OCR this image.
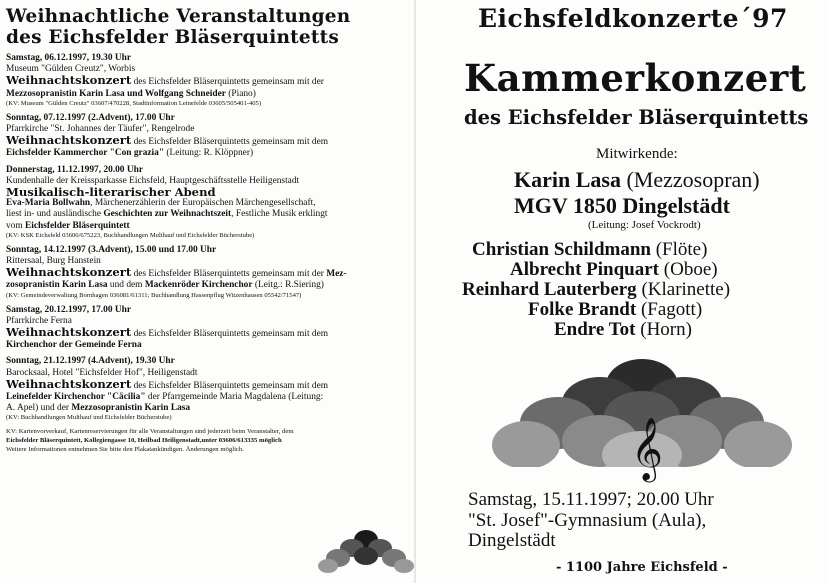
Weihnachtliche Veranstaltungen
des Eichsfelder Bläserquintetts
Samstag, 06.12.1997, 19.30 Uhr
Museum "Gülden Creutz", Worbis
Weihnachtskonzert des Eichsfelder Bläserquintetts gemeinsam mit der
Mezzosopranistin Karin Lasa und Wolfgang Schneider (Piano)
(KV: Museum "Gülden Creutz" 03607/470228, Stadtinformation Leinefelde 03605/505401-405)
Sonntag, 07.12.1997 (2.Advent), 17.00 Uhr
Pfarrkirche "St. Johannes der Täufer", Rengelrode
Weihnachtskonzert des Eichsfelder Bläserquintetts gemeinsam mit dem
Eichsfelder Kammerchor "Con grazia" (Leitung: R. Klöppner)
Donnerstag, 11.12.1997, 20.00 Uhr
Kundenhalle der Kreissparkasse Eichsfeld, Hauptgeschäftsstelle Heiligenstadt
Musikalisch-literarischer Abend
Eva-Maria Bollwahn, Märchenerzählerin der Europäischen Märchengesellschaft,
liest in- und ausländische Geschichten zur Weihnachtszeit, Festliche Musik erklingt
vom Eichsfelder Bläserquintett
(KV: KSK Eichsfeld 03606/675223, Buchhandlungen Multhauf und Eichsfelder Bücherstube)
Sonntag, 14.12.1997 (3.Advent), 15.00 und 17.00 Uhr
Rittersaal, Burg Hanstein
Weihnachtskonzert des Eichsfelder Bläserquintetts gemeinsam mit der Mez-
zosopranistin Karin Lasa und dem Mackenröder Kirchenchor (Leitg.: R.Siering)
(KV: Gemeindeverwaltung Bornhagen 036081/61311; Buchhandlung Hassenpflug Witzenhausen 05542/71547)
Samstag, 20.12.1997, 17.00 Uhr
Pfarrkirche Ferna
Weihnachtskonzert des Eichsfelder Bläserquintetts gemeinsam mit dem
Kirchenchor der Gemeinde Ferna
Sonntag, 21.12.1997 (4.Advent), 19.30 Uhr
Barocksaal, Hotel "Eichsfelder Hof", Heiligenstadt
Weihnachtskonzert des Eichsfelder Bläserquintetts gemeinsam mit dem
Leinefelder Kirchenchor "Cäcilia" der Pfarrgemeinde Maria Magdalena (Leitung:
A. Apel) und der Mezzosopranistin Karin Lasa
(KV: Buchhandlungen Multhauf und Eichsfelder Bücherstube)
KV: Kartenvorverkauf, Kartenreservierungen für alle Veranstaltungen sind jederzeit beim Veranstalter, dem
Eichsfelder Bläserquintett, Kollegiengasse 10, Heilbad Heiligenstadt,unter 03606/613335 möglich
Weitere Informationen entnehmen Sie bitte den Plakatankündigen. Änderungen möglich.
Eichsfeldkonzerte´97
Kammerkonzert
des Eichsfelder Bläserquintetts
Mitwirkende:
Karin Lasa (Mezzosopran)
MGV 1850 Dingelstädt
(Leitung: Josef Vockrodt)
Christian Schildmann (Flöte)
Albrecht Pinquart (Oboe)
Reinhard Lauterberg (Klarinette)
Folke Brandt (Fagott)
Endre Tot (Horn)
𝄞
Samstag, 15.11.1997; 20.00 Uhr
"St. Josef"-Gymnasium (Aula),
Dingelstädt
- 1100 Jahre Eichsfeld -
